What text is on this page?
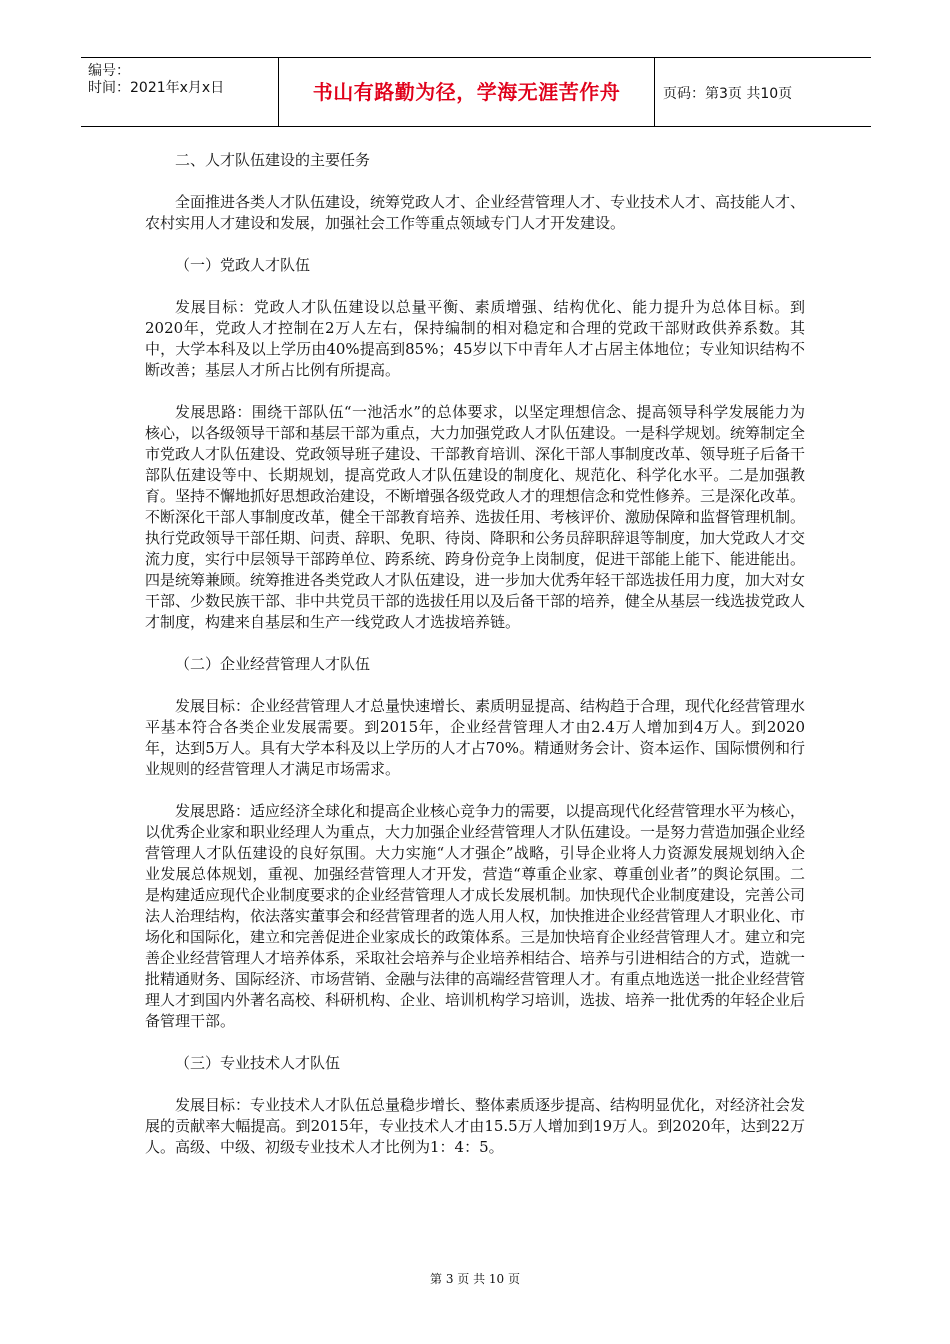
编号：
时间：2021年x月x日	书山有路勤为径，学海无涯苦作舟	页码：第3页 共10页

二、人才队伍建设的主要任务

全面推进各类人才队伍建设，统筹党政人才、企业经营管理人才、专业技术人才、高技能人才、农村实用人才建设和发展，加强社会工作等重点领域专门人才开发建设。

（一）党政人才队伍

发展目标：党政人才队伍建设以总量平衡、素质增强、结构优化、能力提升为总体目标。到2020年，党政人才控制在2万人左右，保持编制的相对稳定和合理的党政干部财政供养系数。其中，大学本科及以上学历由40%提高到85%；45岁以下中青年人才占居主体地位；专业知识结构不断改善；基层人才所占比例有所提高。

发展思路：围绕干部队伍“一池活水”的总体要求，以坚定理想信念、提高领导科学发展能力为核心，以各级领导干部和基层干部为重点，大力加强党政人才队伍建设。一是科学规划。统筹制定全市党政人才队伍建设、党政领导班子建设、干部教育培训、深化干部人事制度改革、领导班子后备干部队伍建设等中、长期规划，提高党政人才队伍建设的制度化、规范化、科学化水平。二是加强教育。坚持不懈地抓好思想政治建设，不断增强各级党政人才的理想信念和党性修养。三是深化改革。不断深化干部人事制度改革，健全干部教育培养、选拔任用、考核评价、激励保障和监督管理机制。执行党政领导干部任期、问责、辞职、免职、待岗、降职和公务员辞职辞退等制度，加大党政人才交流力度，实行中层领导干部跨单位、跨系统、跨身份竞争上岗制度，促进干部能上能下、能进能出。四是统筹兼顾。统筹推进各类党政人才队伍建设，进一步加大优秀年轻干部选拔任用力度，加大对女干部、少数民族干部、非中共党员干部的选拔任用以及后备干部的培养，健全从基层一线选拔党政人才制度，构建来自基层和生产一线党政人才选拔培养链。

（二）企业经营管理人才队伍

发展目标：企业经营管理人才总量快速增长、素质明显提高、结构趋于合理，现代化经营管理水平基本符合各类企业发展需要。到2015年，企业经营管理人才由2.4万人增加到4万人。到2020年，达到5万人。具有大学本科及以上学历的人才占70%。精通财务会计、资本运作、国际惯例和行业规则的经营管理人才满足市场需求。

发展思路：适应经济全球化和提高企业核心竞争力的需要，以提高现代化经营管理水平为核心，以优秀企业家和职业经理人为重点，大力加强企业经营管理人才队伍建设。一是努力营造加强企业经营管理人才队伍建设的良好氛围。大力实施“人才强企”战略，引导企业将人力资源发展规划纳入企业发展总体规划，重视、加强经营管理人才开发，营造“尊重企业家、尊重创业者”的舆论氛围。二是构建适应现代企业制度要求的企业经营管理人才成长发展机制。加快现代企业制度建设，完善公司法人治理结构，依法落实董事会和经营管理者的选人用人权，加快推进企业经营管理人才职业化、市场化和国际化，建立和完善促进企业家成长的政策体系。三是加快培育企业经营管理人才。建立和完善企业经营管理人才培养体系，采取社会培养与企业培养相结合、培养与引进相结合的方式，造就一批精通财务、国际经济、市场营销、金融与法律的高端经营管理人才。有重点地选送一批企业经营管理人才到国内外著名高校、科研机构、企业、培训机构学习培训，选拔、培养一批优秀的年轻企业后备管理干部。

（三）专业技术人才队伍

发展目标：专业技术人才队伍总量稳步增长、整体素质逐步提高、结构明显优化，对经济社会发展的贡献率大幅提高。到2015年，专业技术人才由15.5万人增加到19万人。到2020年，达到22万人。高级、中级、初级专业技术人才比例为1：4：5。

第 3 页 共 10 页
